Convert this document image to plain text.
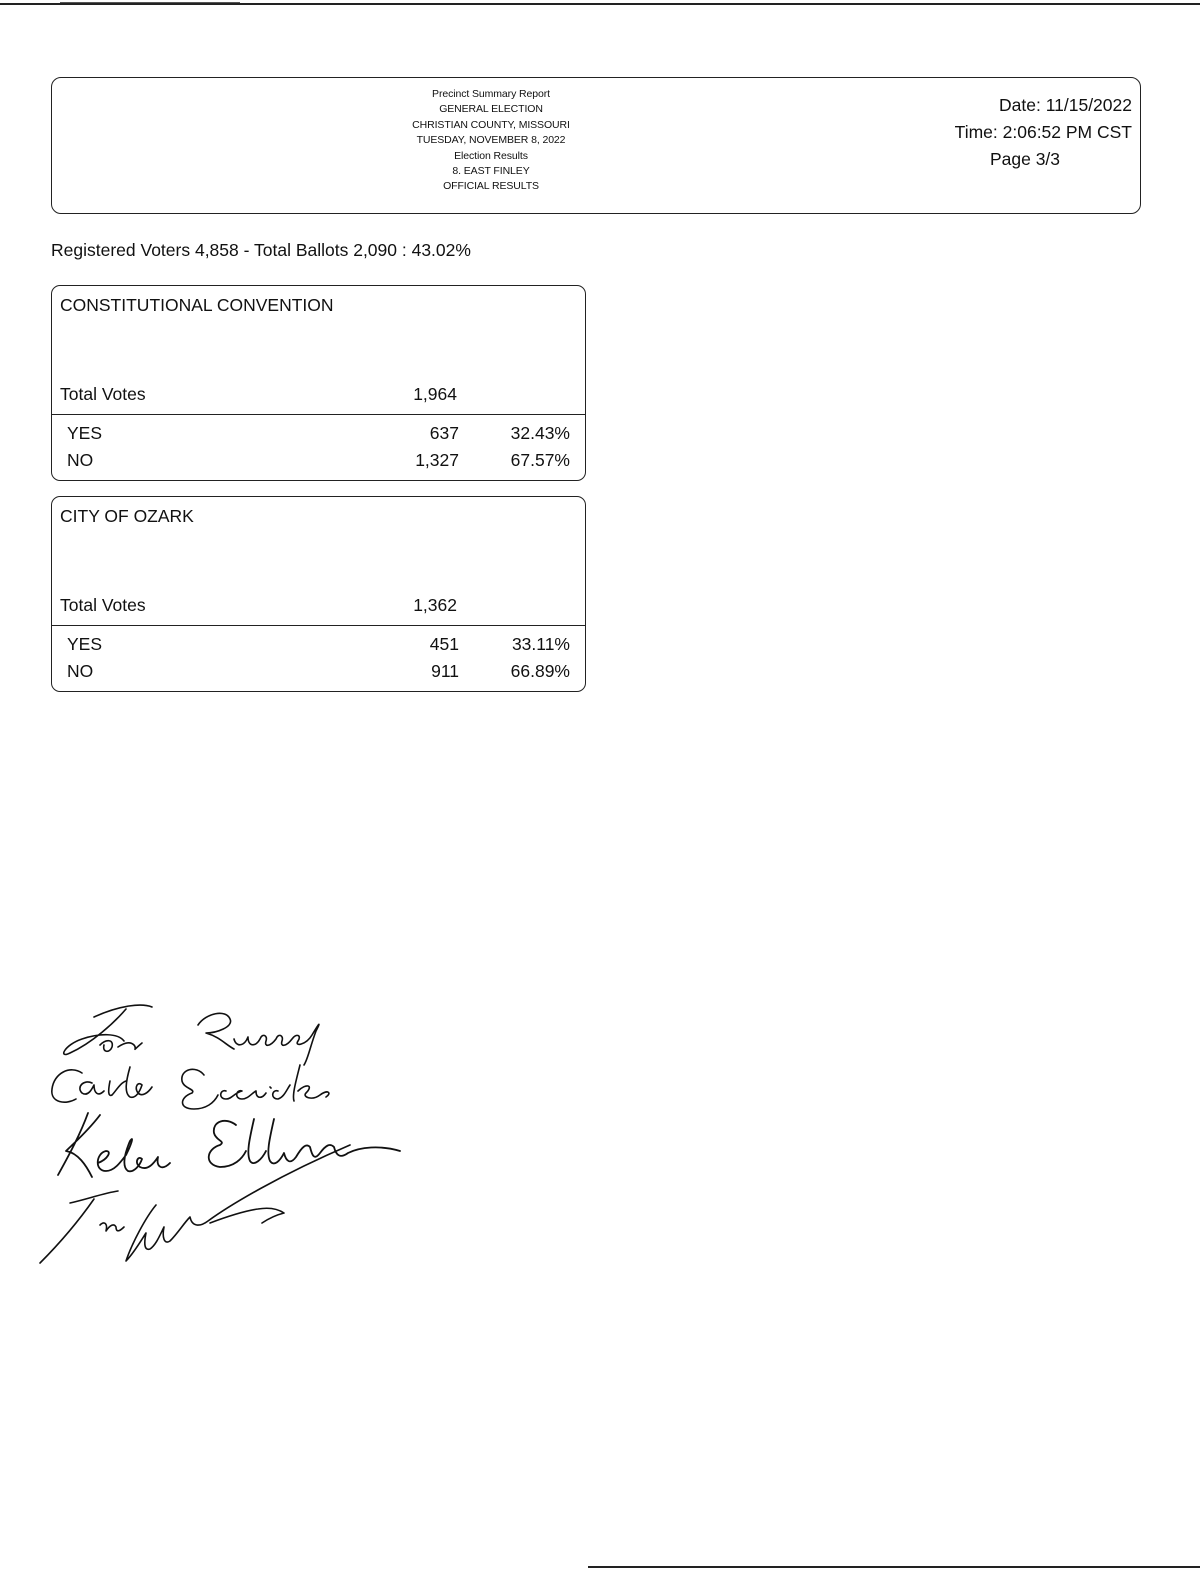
Precinct Summary Report
GENERAL ELECTION
CHRISTIAN COUNTY, MISSOURI
TUESDAY, NOVEMBER 8, 2022
Election Results
8. EAST FINLEY
OFFICIAL RESULTS
Date: 11/15/2022
Time: 2:06:52 PM CST
Page 3/3
Registered Voters 4,858 - Total Ballots 2,090 : 43.02%
CONSTITUTIONAL CONVENTION
Total Votes	1,964
YES	637	32.43%
NO	1,327	67.57%
CITY OF OZARK
Total Votes	1,362
YES	451	33.11%
NO	911	66.89%
